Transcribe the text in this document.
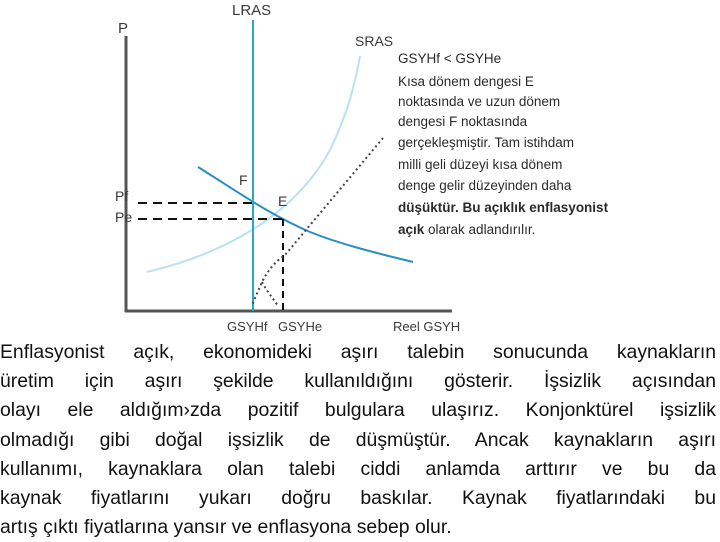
LRAS
P
SRAS
Pf
Pe
F
E
GSYHf GSYHe	Reel GSYH
GSYHf < GSYHe
Kısa dönem dengesi E
noktasında ve uzun dönem
dengesi F noktasında
gerçekleşmiştir. Tam istihdam
milli geli düzeyi kısa dönem
denge gelir düzeyinden daha
düşüktür. Bu açıklık enflasyonist
açık olarak adlandırılır.

Enflasyonist açık, ekonomideki aşırı talebin sonucunda kaynakların
üretim için aşırı şekilde kullanıldığını gösterir. İşsizlik açısından
olayı ele aldığım›zda pozitif bulgulara ulaşırız. Konjonktürel işsizlik
olmadığı gibi doğal işsizlik de düşmüştür. Ancak kaynakların aşırı
kullanımı, kaynaklara olan talebi ciddi anlamda arttırır ve bu da
kaynak fiyatlarını yukarı doğru baskılar. Kaynak fiyatlarındaki bu
artış çıktı fiyatlarına yansır ve enflasyona sebep olur.
